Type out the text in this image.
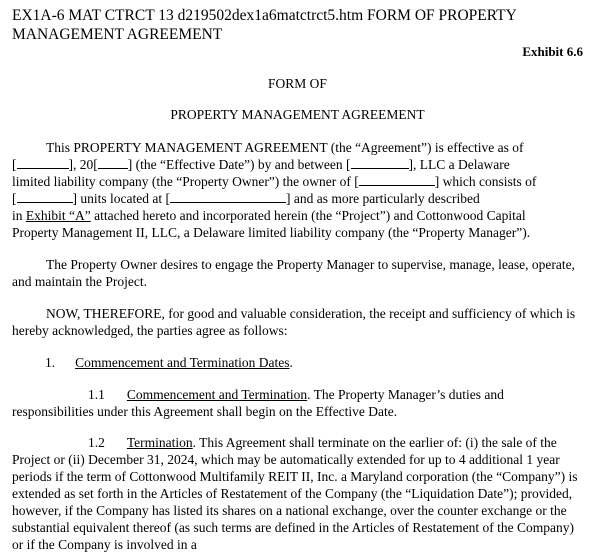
EX1A-6 MAT CTRCT 13 d219502dex1a6matctrct5.htm FORM OF PROPERTY MANAGEMENT AGREEMENT
Exhibit 6.6
FORM OF
PROPERTY MANAGEMENT AGREEMENT
This PROPERTY MANAGEMENT AGREEMENT (the “Agreement”) is effective as of
[	], 20[ ] (the “Effective Date”) by and between [	], LLC a Delaware
limited liability company (the “Property Owner”) the owner of [	] which consists of
[	] units located at [	] and as more particularly described
in Exhibit “A” attached hereto and incorporated herein (the “Project”) and Cottonwood Capital
Property Management II, LLC, a Delaware limited liability company (the “Property Manager”).

The Property Owner desires to engage the Property Manager to supervise, manage, lease, operate, and maintain the Project.

NOW, THEREFORE, for good and valuable consideration, the receipt and sufficiency of which is hereby acknowledged, the parties agree as follows:

1. Commencement and Termination Dates.

1.1 Commencement and Termination. The Property Manager’s duties and responsibilities under this Agreement shall begin on the Effective Date.

1.2 Termination. This Agreement shall terminate on the earlier of: (i) the sale of the Project or (ii) December 31, 2024, which may be automatically extended for up to 4 additional 1 year periods if the term of Cottonwood Multifamily REIT II, Inc. a Maryland corporation (the “Company”) is extended as set forth in the Articles of Restatement of the Company (the “Liquidation Date”); provided, however, if the Company has listed its shares on a national exchange, over the counter exchange or the substantial equivalent thereof (as such terms are defined in the Articles of Restatement of the Company) or if the Company is involved in a
